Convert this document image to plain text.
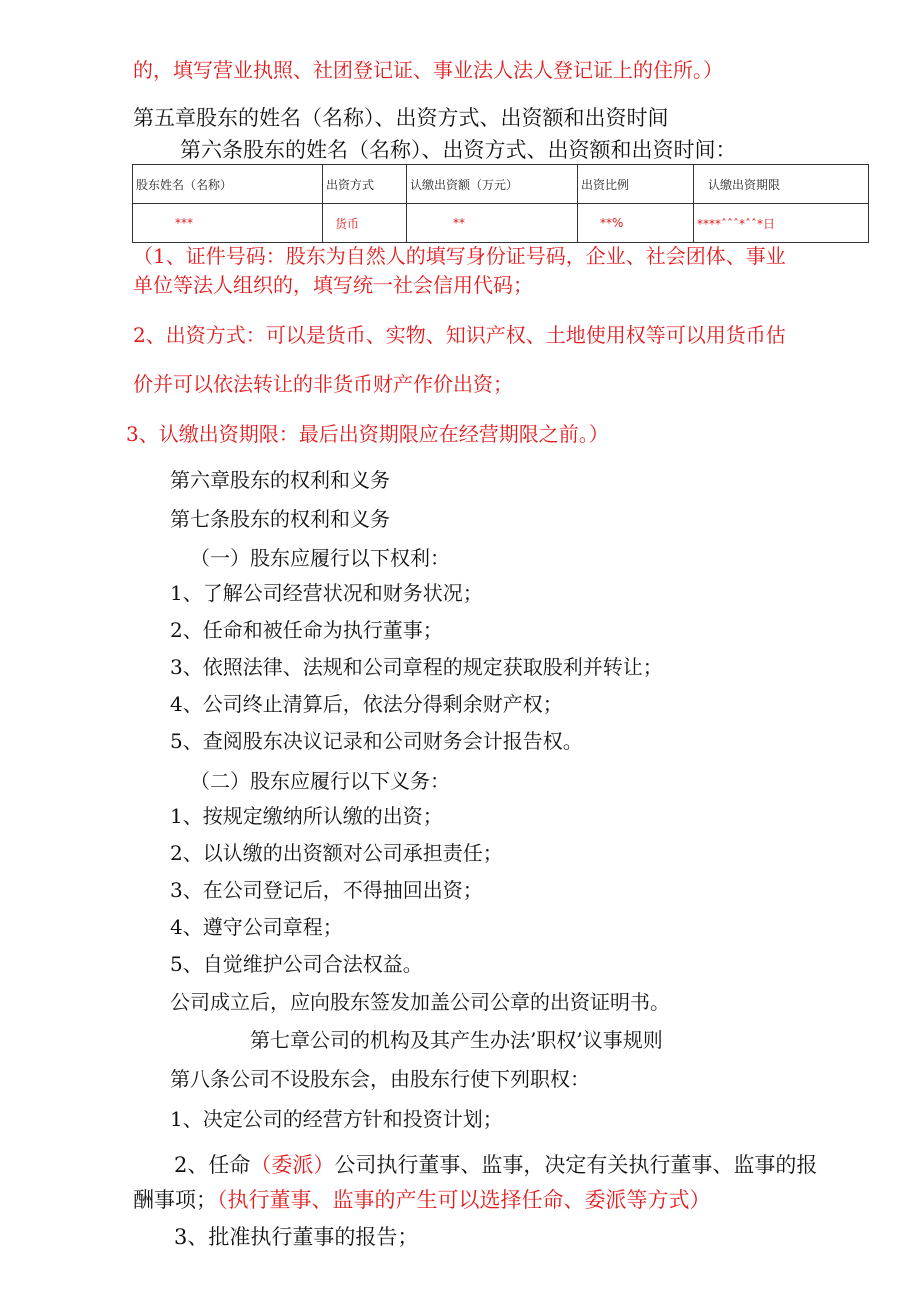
的，填写营业执照、社团登记证、事业法人法人登记证上的住所。）
第五章股东的姓名（名称）、出资方式、出资额和出资时间
第六条股东的姓名（名称）、出资方式、出资额和出资时间：
股东姓名（名称）	出资方式	认缴出资额（万元）	出资比例	认缴出资期限
***	货币	**	**%	****ˆˆˆ*ˆˆ*日
（1、证件号码：股东为自然人的填写身份证号码，企业、社会团体、事业
单位等法人组织的，填写统一社会信用代码；
2、出资方式：可以是货币、实物、知识产权、土地使用权等可以用货币估
价并可以依法转让的非货币财产作价出资；
3、认缴出资期限：最后出资期限应在经营期限之前。）
第六章股东的权利和义务
第七条股东的权利和义务
（一）股东应履行以下权利：
1、了解公司经营状况和财务状况；
2、任命和被任命为执行董事；
3、依照法律、法规和公司章程的规定获取股利并转让；
4、公司终止清算后，依法分得剩余财产权；
5、查阅股东决议记录和公司财务会计报告权。
（二）股东应履行以下义务：
1、按规定缴纳所认缴的出资；
2、以认缴的出资额对公司承担责任；
3、在公司登记后，不得抽回出资；
4、遵守公司章程；
5、自觉维护公司合法权益。
公司成立后，应向股东签发加盖公司公章的出资证明书。
第七章公司的机构及其产生办法’职权’议事规则
第八条公司不设股东会，由股东行使下列职权：
1、决定公司的经营方针和投资计划；
2、任命（委派）公司执行董事、监事，决定有关执行董事、监事的报
酬事项；（执行董事、监事的产生可以选择任命、委派等方式）
3、批准执行董事的报告；
